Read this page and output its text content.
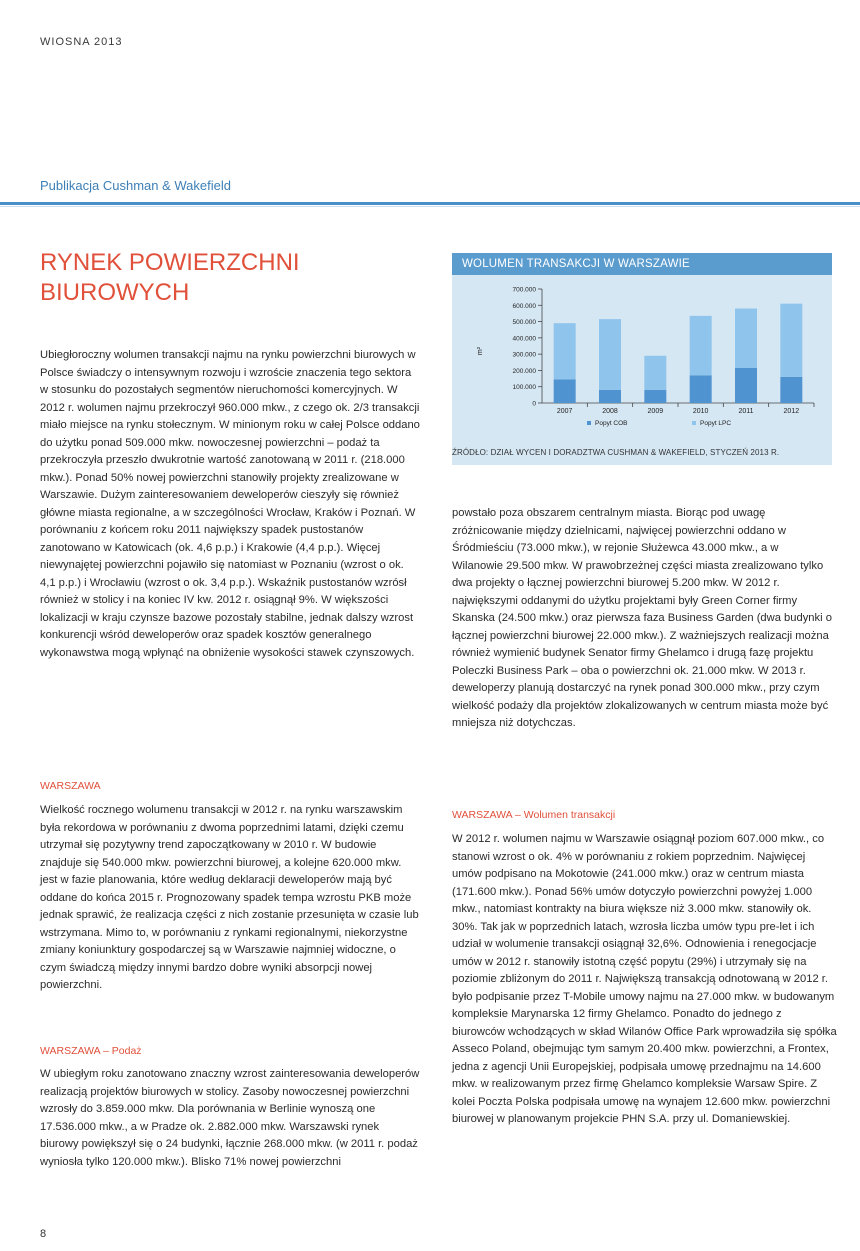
WIOSNA 2013
Publikacja Cushman & Wakefield
RYNEK POWIERZCHNI
BIUROWYCH

Ubiegłoroczny wolumen transakcji najmu na rynku powierzchni biurowych w Polsce świadczy o intensywnym rozwoju i wzroście znaczenia tego sektora w stosunku do pozostałych segmentów nieruchomości komercyjnych. W 2012 r. wolumen najmu przekroczył 960.000 mkw., z czego ok. 2/3 transakcji miało miejsce na rynku stołecznym. W minionym roku w całej Polsce oddano do użytku ponad 509.000 mkw. nowoczesnej powierzchni – podaż ta przekroczyła przeszło dwukrotnie wartość zanotowaną w 2011 r. (218.000 mkw.). Ponad 50% nowej powierzchni stanowiły projekty zrealizowane w Warszawie. Dużym zainteresowaniem deweloperów cieszyły się również główne miasta regionalne, a w szczególności Wrocław, Kraków i Poznań. W porównaniu z końcem roku 2011 największy spadek pustostanów zanotowano w Katowicach (ok. 4,6 p.p.) i Krakowie (4,4 p.p.). Więcej niewynajętej powierzchni pojawiło się natomiast w Poznaniu (wzrost o ok. 4,1 p.p.) i Wrocławiu (wzrost o ok. 3,4 p.p.). Wskaźnik pustostanów wzrósł również w stolicy i na koniec IV kw. 2012 r. osiągnął 9%. W większości lokalizacji w kraju czynsze bazowe pozostały stabilne, jednak dalszy wzrost konkurencji wśród deweloperów oraz spadek kosztów generalnego wykonawstwa mogą wpłynąć na obniżenie wysokości stawek czynszowych.

WARSZAWA

Wielkość rocznego wolumenu transakcji w 2012 r. na rynku warszawskim była rekordowa w porównaniu z dwoma poprzednimi latami, dzięki czemu utrzymał się pozytywny trend zapoczątkowany w 2010 r. W budowie znajduje się 540.000 mkw. powierzchni biurowej, a kolejne 620.000 mkw. jest w fazie planowania, które według deklaracji deweloperów mają być oddane do końca 2015 r. Prognozowany spadek tempa wzrostu PKB może jednak sprawić, że realizacja części z nich zostanie przesunięta w czasie lub wstrzymana. Mimo to, w porównaniu z rynkami regionalnymi, niekorzystne zmiany koniunktury gospodarczej są w Warszawie najmniej widoczne, o czym świadczą między innymi bardzo dobre wyniki absorpcji nowej powierzchni.

WARSZAWA – Podaż

W ubiegłym roku zanotowano znaczny wzrost zainteresowania deweloperów realizacją projektów biurowych w stolicy. Zasoby nowoczesnej powierzchni wzrosły do 3.859.000 mkw. Dla porównania w Berlinie wynoszą one 17.536.000 mkw., a w Pradze ok. 2.882.000 mkw. Warszawski rynek biurowy powiększył się o 24 budynki, łącznie 268.000 mkw. (w 2011 r. podaż wyniosła tylko 120.000 mkw.). Blisko 71% nowej powierzchni

WOLUMEN TRANSAKCJI W WARSZAWIE
0
100.000
200.000
300.000
400.000
500.000
600.000
700.000
m²
2007	2008	2009	2010	2011	2012
Popyt COB	Popyt LPC
ŹRÓDŁO: DZIAŁ WYCEN I DORADZTWA CUSHMAN & WAKEFIELD, STYCZEŃ 2013 R.

powstało poza obszarem centralnym miasta. Biorąc pod uwagę zróżnicowanie między dzielnicami, najwięcej powierzchni oddano w Śródmieściu (73.000 mkw.), w rejonie Służewca 43.000 mkw., a w Wilanowie 29.500 mkw. W prawobrzeżnej części miasta zrealizowano tylko dwa projekty o łącznej powierzchni biurowej 5.200 mkw. W 2012 r. największymi oddanymi do użytku projektami były Green Corner firmy Skanska (24.500 mkw.) oraz pierwsza faza Business Garden (dwa budynki o łącznej powierzchni biurowej 22.000 mkw.). Z ważniejszych realizacji można również wymienić budynek Senator firmy Ghelamco i drugą fazę projektu Poleczki Business Park – oba o powierzchni ok. 21.000 mkw. W 2013 r. deweloperzy planują dostarczyć na rynek ponad 300.000 mkw., przy czym wielkość podaży dla projektów zlokalizowanych w centrum miasta może być mniejsza niż dotychczas.

WARSZAWA – Wolumen transakcji

W 2012 r. wolumen najmu w Warszawie osiągnął poziom 607.000 mkw., co stanowi wzrost o ok. 4% w porównaniu z rokiem poprzednim. Najwięcej umów podpisano na Mokotowie (241.000 mkw.) oraz w centrum miasta (171.600 mkw.). Ponad 56% umów dotyczyło powierzchni powyżej 1.000 mkw., natomiast kontrakty na biura większe niż 3.000 mkw. stanowiły ok. 30%. Tak jak w poprzednich latach, wzrosła liczba umów typu pre-let i ich udział w wolumenie transakcji osiągnął 32,6%. Odnowienia i renegocjacje umów w 2012 r. stanowiły istotną część popytu (29%) i utrzymały się na poziomie zbliżonym do 2011 r. Największą transakcją odnotowaną w 2012 r. było podpisanie przez T-Mobile umowy najmu na 27.000 mkw. w budowanym kompleksie Marynarska 12 firmy Ghelamco. Ponadto do jednego z biurowców wchodzących w skład Wilanów Office Park wprowadziła się spółka Asseco Poland, obejmując tym samym 20.400 mkw. powierzchni, a Frontex, jedna z agencji Unii Europejskiej, podpisała umowę przednajmu na 14.600 mkw. w realizowanym przez firmę Ghelamco kompleksie Warsaw Spire. Z kolei Poczta Polska podpisała umowę na wynajem 12.600 mkw. powierzchni biurowej w planowanym projekcie PHN S.A. przy ul. Domaniewskiej.

8
